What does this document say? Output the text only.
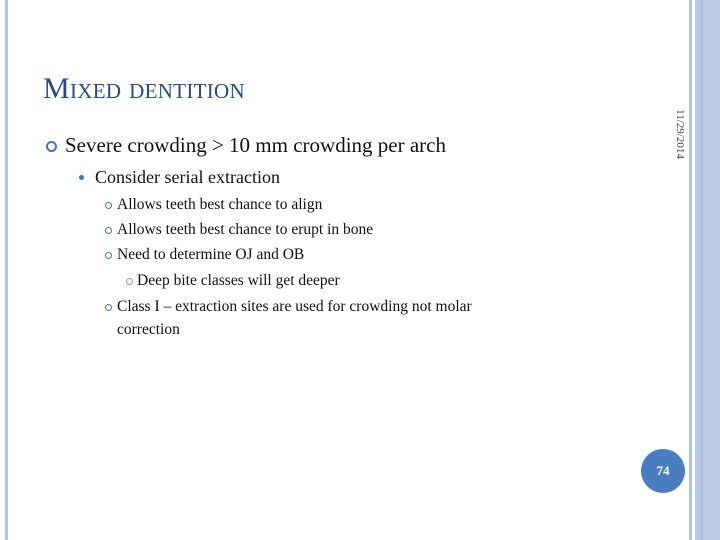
Mixed dentition
Severe crowding > 10 mm crowding per arch
Consider serial extraction
Allows teeth best chance to align
Allows teeth best chance to erupt in bone
Need to determine OJ and OB
Deep bite classes will get deeper
Class I – extraction sites are used for crowding not molar
correction
11/29/2014
74
